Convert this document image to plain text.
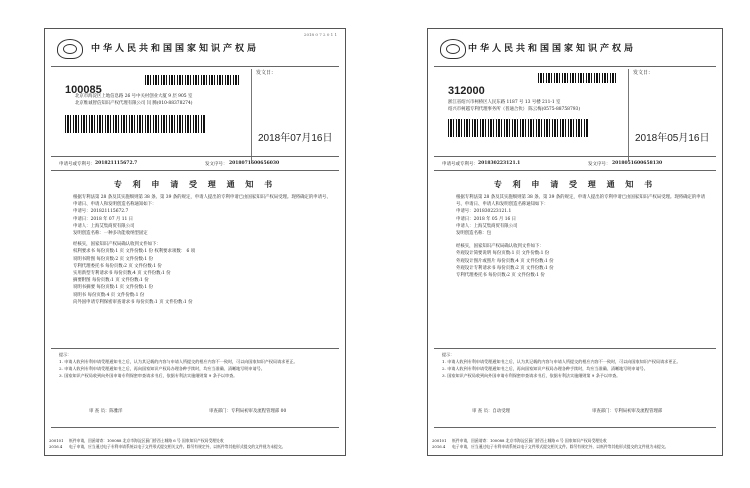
中华人民共和国国家知识产权局
2018 0 7 2 0 1 1
100085
北京市海淀区上地信息路 26 号中关村创业大厦 9 层 905 室
北京维诚智信知识产权代理有限公司 闫 腾(010-88378274)
发文日：
2018年07月16日
申请号或专利号： 201821115672.7	发文序号： 2018071600656030
专 利 申 请 受 理 通 知 书

根据专利法第 28 条及其实施细则第 38 条、第 39 条的规定，申请人提出的专利申请已由国家知识产权局受理。现将确定的申请号、申请日、申请人和发明创造名称通知如下：

申请号：201821115672.7

申请日：2018 年 07 月 11 日

申请人：上海艾集商贸有限公司

发明创造名称：一种多功能收纳型固定

经核实，国家知识产权局确认收到文件如下：

权利要求书 每份页数:1 页 文件份数:1 份 权利要求项数： 6 项

说明书附图 每份页数:2 页 文件份数:1 份

专利代理委托书 每份页数:2 页 文件份数:1 份

实用新型专利请求书 每份页数:4 页 文件份数:1 份

摘要附图 每份页数:1 页 文件份数:1 份

说明书摘要 每份页数:1 页 文件份数:1 份

说明书 每份页数:4 页 文件份数:1 份

向外国申请专利保密审查请求书 每份页数:1 页 文件份数:1 份

提示：

1. 申请人收到专利申请受理通知书之后，认为其记载的内容与申请人所提交的相应内容不一致时，可以向国家知识产权局请求更正。

2. 申请人收到专利申请受理通知书之后，再向国家知识产权局办理各种手续时，均应当准确、清晰地写明申请号。

3. 国家知识产权局收到向外国申请专利保密审查请求书后，依据专利法实施细则第 9 条予以审查。

审 查 员：陈雅洋	审查部门：专利局初审及流程管理部 00
200101 纸件申请，回函请寄：100088 北京市海淀区蓟门桥西土城路 6 号 国家知识产权局受理处收
2016.4 电子申请，应当通过电子专利申请系统以电子文件形式提交相关文件。除另有规定外，以纸件等其他形式提交的文件视为未提交。
中华人民共和国国家知识产权局
312000
浙江省绍兴市柯桥区人民东路 1187 号 13 号楼 211-1 室
绍兴市柯越专利代理事务所（普通合伙） 陈云梅(0575-88758793)
发文日：
2018年05月16日
申请号或专利号： 201830223121.1	发文序号： 2018051600658130
专 利 申 请 受 理 通 知 书

根据专利法第 28 条及其实施细则第 38 条、第 39 条的规定，申请人提出的专利申请已由国家知识产权局受理。现将确定的申请号、申请日、申请人和发明创造名称通知如下：

申请号：201830223121.1

申请日：2018 年 05 月 16 日

申请人：上海艾集商贸有限公司

发明创造名称：包

经核实，国家知识产权局确认收到文件如下：

外观设计简要说明 每份页数:1 页 文件份数:1 份

外观设计图片或照片 每份页数:4 页 文件份数:1 份

外观设计专利请求书 每份页数:2 页 文件份数:1 份

专利代理委托书 每份页数:2 页 文件份数:1 份

提示：

1. 申请人收到专利申请受理通知书之后，认为其记载的内容与申请人所提交的相应内容不一致时，可以向国家知识产权局请求更正。

2. 申请人收到专利申请受理通知书之后，再向国家知识产权局办理各种手续时，均应当准确、清晰地写明申请号。

3. 国家知识产权局收到向外国申请专利保密审查请求书后，依据专利法实施细则第 9 条予以审查。

审 查 员：自动受理	审查部门：专利局初审及流程管理部
200101 纸件申请，回函请寄：100088 北京市海淀区蓟门桥西土城路 6 号 国家知识产权局受理处收
2016.4 电子申请，应当通过电子专利申请系统以电子文件形式提交相关文件。除另有规定外，以纸件等其他形式提交的文件视为未提交。
